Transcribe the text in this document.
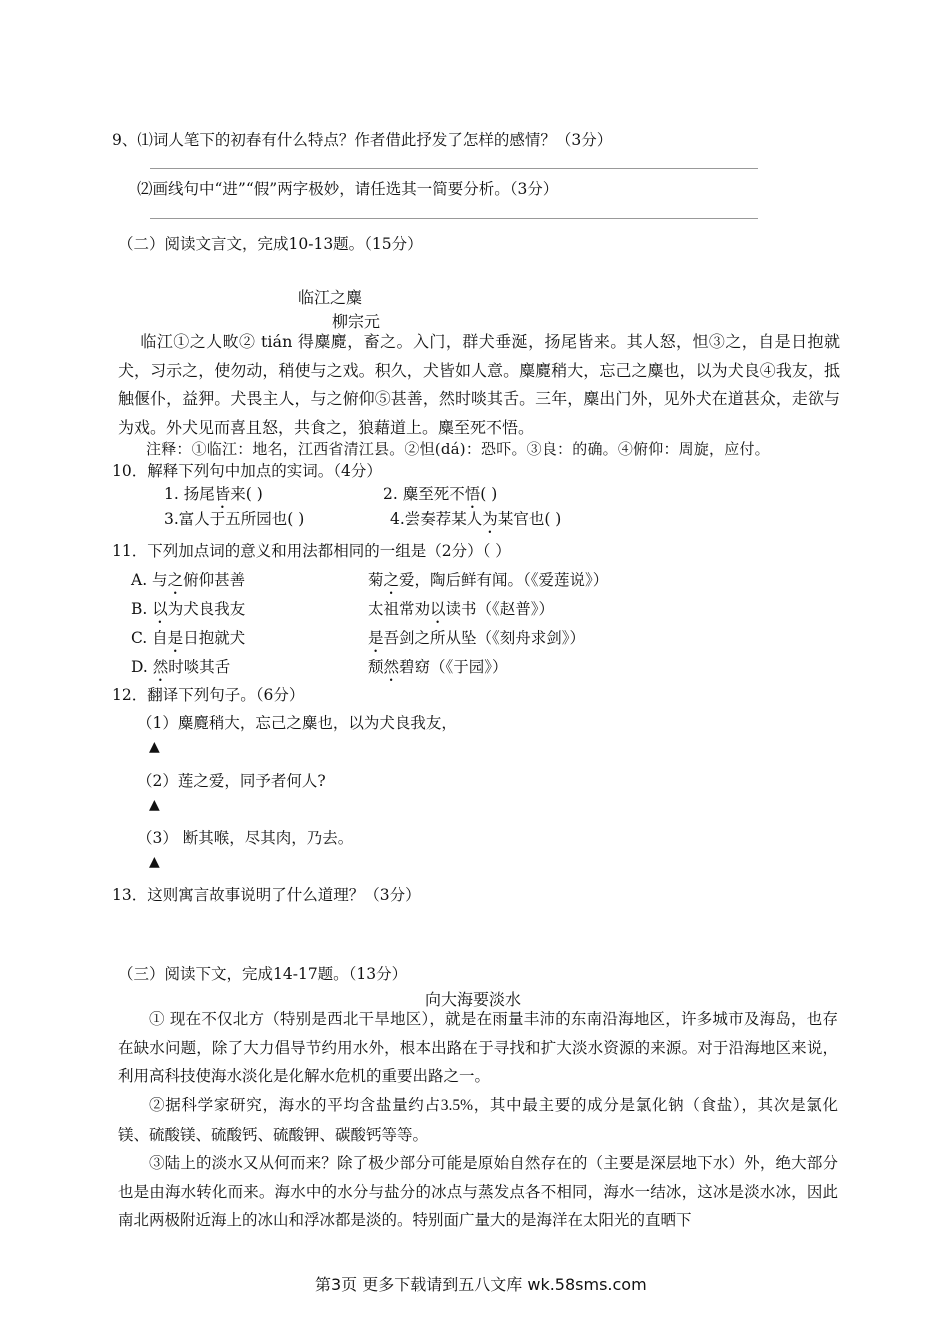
9、⑴词人笔下的初春有什么特点？作者借此抒发了怎样的感情？（3分）
⑵画线句中“进”“假”两字极妙，请任选其一简要分析。（3分）
（二）阅读文言文，完成10-13题。（15分）
临江之麋
柳宗元
临江①之人畋② tián 得麋麑，畜之。入门，群犬垂涎，扬尾皆来。其人怒，怛③之，自是日抱就犬，习示之，使勿动，稍使与之戏。积久，犬皆如人意。麋麑稍大，忘己之麋也，以为犬良④我友，抵触偃仆，益狎。犬畏主人，与之俯仰⑤甚善，然时啖其舌。三年，麋出门外，见外犬在道甚众，走欲与为戏。外犬见而喜且怒，共食之，狼藉道上。麋至死不悟。
注释：①临江：地名，江西省清江县。②怛(dá)：恐吓。③良：的确。④俯仰：周旋，应付。
10．解释下列句中加点的实词。（4分）
1. 扬尾皆来( )	2. 麋至死不悟( )
3.富人于五所园也( )	4.尝奏荐某人为某官也( )
11．下列加点词的意义和用法都相同的一组是（2分）（ ）
A. 与之俯仰甚善	菊之爱，陶后鲜有闻。（《爱莲说》）
B. 以为犬良我友	太祖常劝以读书（《赵普》）
C. 自是日抱就犬	是吾剑之所从坠（《刻舟求剑》）
D. 然时啖其舌	颓然碧窈（《于园》）
12．翻译下列句子。（6分）
（1）麋麑稍大，忘己之麋也，以为犬良我友，
▲
（2）莲之爱，同予者何人?
▲
（3） 断其喉，尽其肉，乃去。
▲
13．这则寓言故事说明了什么道理？（3分）
（三）阅读下文，完成14-17题。（13分）
向大海要淡水
① 现在不仅北方（特别是西北干旱地区），就是在雨量丰沛的东南沿海地区，许多城市及海岛，也存在缺水问题，除了大力倡导节约用水外，根本出路在于寻找和扩大淡水资源的来源。对于沿海地区来说，利用高科技使海水淡化是化解水危机的重要出路之一。
②据科学家研究，海水的平均含盐量约占3.5%，其中最主要的成分是氯化钠（食盐），其次是氯化镁、硫酸镁、硫酸钙、硫酸钾、碳酸钙等等。
③陆上的淡水又从何而来？除了极少部分可能是原始自然存在的（主要是深层地下水）外，绝大部分也是由海水转化而来。海水中的水分与盐分的冰点与蒸发点各不相同，海水一结冰，这冰是淡水冰，因此南北两极附近海上的冰山和浮冰都是淡的。特别面广量大的是海洋在太阳光的直晒下
第3页 更多下载请到五八文库 wk.58sms.com
